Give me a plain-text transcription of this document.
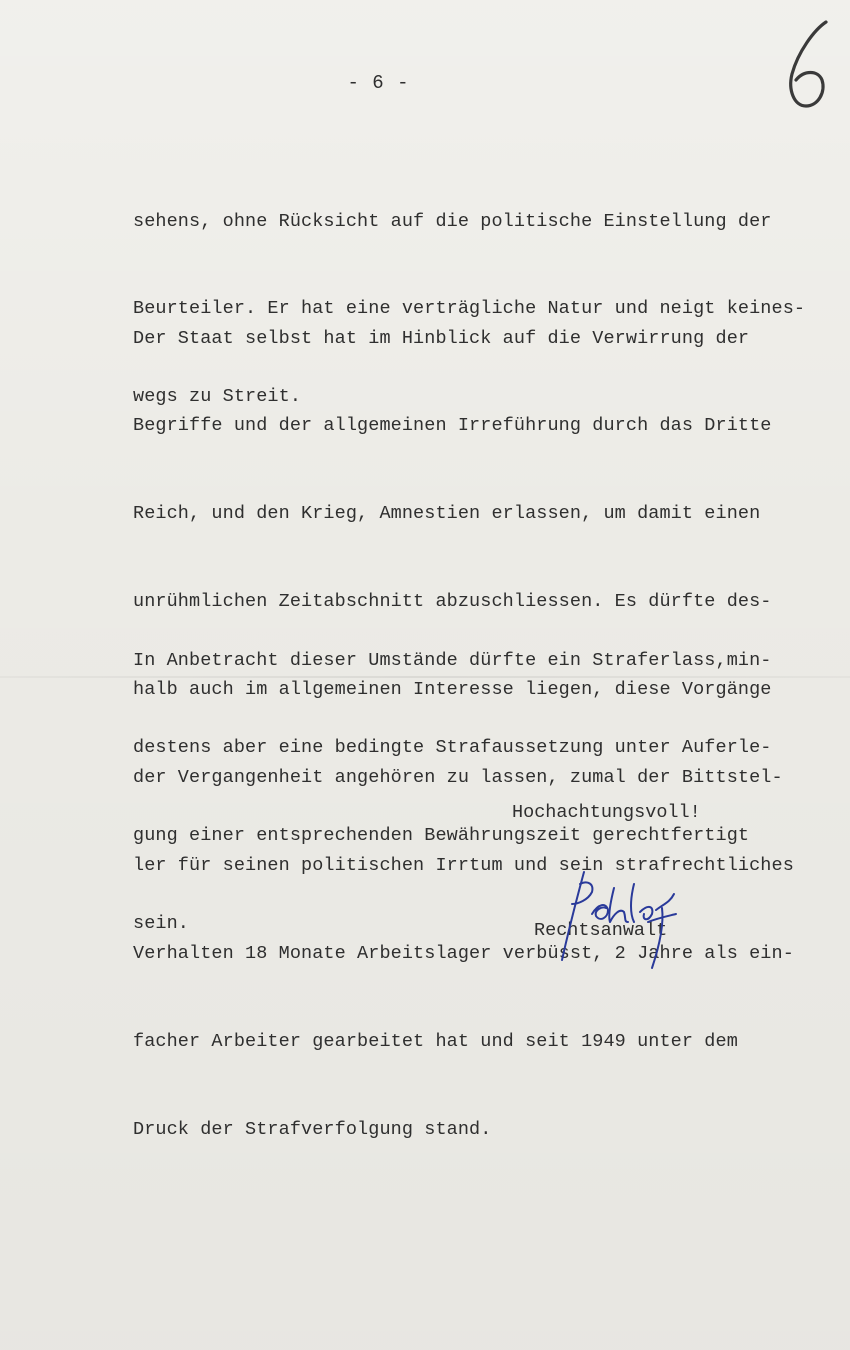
- 6 -

sehens, ohne Rücksicht auf die politische Einstellung der

Beurteiler. Er hat eine verträgliche Natur und neigt keines-

wegs zu Streit.

Der Staat selbst hat im Hinblick auf die Verwirrung der

Begriffe und der allgemeinen Irreführung durch das Dritte

Reich, und den Krieg, Amnestien erlassen, um damit einen

unrühmlichen Zeitabschnitt abzuschliessen. Es dürfte des-

halb auch im allgemeinen Interesse liegen, diese Vorgänge

der Vergangenheit angehören zu lassen, zumal der Bittstel-

ler für seinen politischen Irrtum und sein strafrechtliches

Verhalten 18 Monate Arbeitslager verbüsst, 2 Jahre als ein-

facher Arbeiter gearbeitet hat und seit 1949 unter dem

Druck der Strafverfolgung stand.

In Anbetracht dieser Umstände dürfte ein Straferlass,min-

destens aber eine bedingte Strafaussetzung unter Auferle-

gung einer entsprechenden Bewährungszeit gerechtfertigt

sein.

Hochachtungsvoll!
Rechtsanwalt
